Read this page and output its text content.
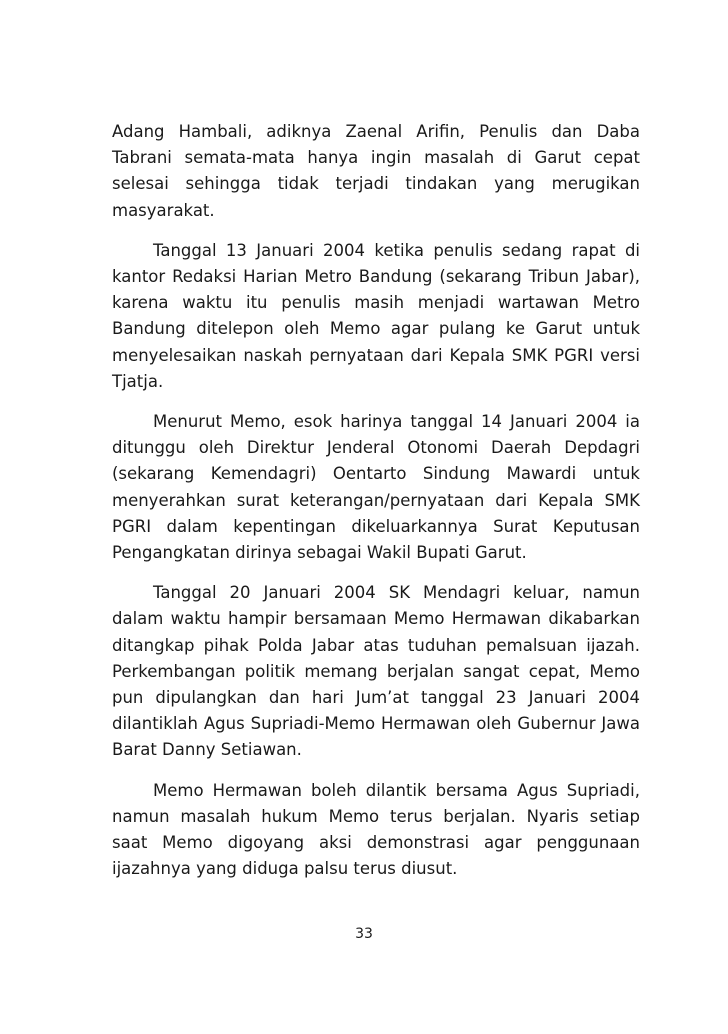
Adang Hambali, adiknya Zaenal Arifin, Penulis dan Daba Tabrani semata-mata hanya ingin masalah di Garut cepat selesai sehingga tidak terjadi tindakan yang merugikan masyarakat.

Tanggal 13 Januari 2004 ketika penulis sedang rapat di kantor Redaksi Harian Metro Bandung (sekarang Tribun Jabar), karena waktu itu penulis masih menjadi wartawan Metro Bandung ditelepon oleh Memo agar pulang ke Garut untuk menyelesaikan naskah pernyataan dari Kepala SMK PGRI versi Tjatja.

Menurut Memo, esok harinya tanggal 14 Januari 2004 ia ditunggu oleh Direktur Jenderal Otonomi Daerah Depdagri (sekarang Kemendagri) Oentarto Sindung Mawardi untuk menyerahkan surat keterangan/pernyataan dari Kepala SMK PGRI dalam kepentingan dikeluarkannya Surat Keputusan Pengangkatan dirinya sebagai Wakil Bupati Garut.

Tanggal 20 Januari 2004 SK Mendagri keluar, namun dalam waktu hampir bersamaan Memo Hermawan dikabarkan ditangkap pihak Polda Jabar atas tuduhan pemalsuan ijazah. Perkembangan politik memang berjalan sangat cepat, Memo pun dipulangkan dan hari Jum’at tanggal 23 Januari 2004 dilantiklah Agus Supriadi-Memo Hermawan oleh Gubernur Jawa Barat Danny Setiawan.

Memo Hermawan boleh dilantik bersama Agus Supriadi, namun masalah hukum Memo terus berjalan. Nyaris setiap saat Memo digoyang aksi demonstrasi agar penggunaan ijazahnya yang diduga palsu terus diusut.

33
